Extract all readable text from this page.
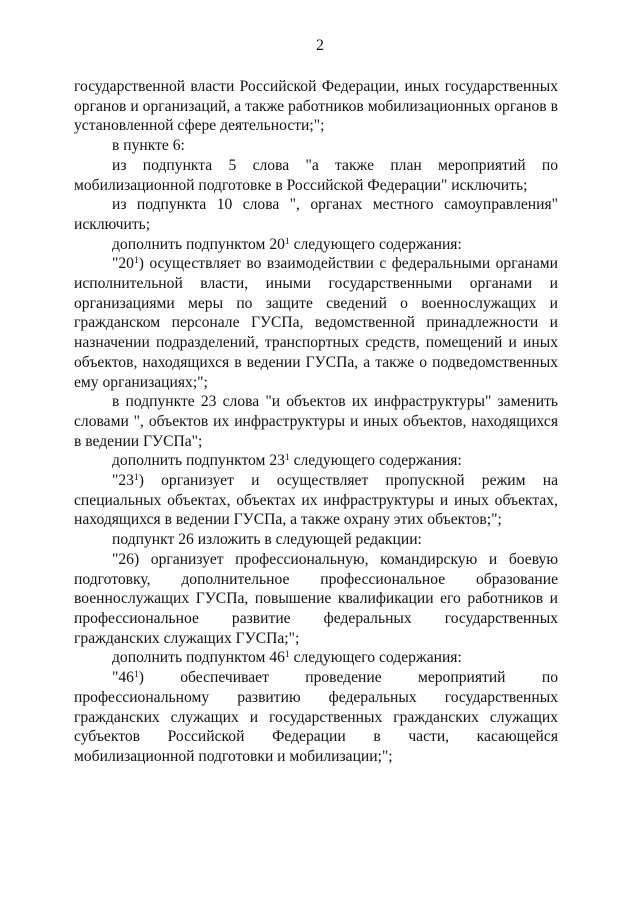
2

государственной власти Российской Федерации, иных государственных органов и организаций, а также работников мобилизационных органов в установленной сфере деятельности;";

в пункте 6:

из подпункта 5 слова "а также план мероприятий по мобилизационной подготовке в Российской Федерации" исключить;

из подпункта 10 слова ", органах местного самоуправления" исключить;

дополнить подпунктом $20^1$ следующего содержания:

"$20^1$) осуществляет во взаимодействии с федеральными органами исполнительной власти, иными государственными органами и организациями меры по защите сведений о военнослужащих и гражданском персонале ГУСПа, ведомственной принадлежности и назначении подразделений, транспортных средств, помещений и иных объектов, находящихся в ведении ГУСПа, а также о подведомственных ему организациях;";

в подпункте 23 слова "и объектов их инфраструктуры" заменить словами ", объектов их инфраструктуры и иных объектов, находящихся в ведении ГУСПа";

дополнить подпунктом $23^1$ следующего содержания:

"$23^1$) организует и осуществляет пропускной режим на специальных объектах, объектах их инфраструктуры и иных объектах, находящихся в ведении ГУСПа, а также охрану этих объектов;";

подпункт 26 изложить в следующей редакции:

"26) организует профессиональную, командирскую и боевую подготовку, дополнительное профессиональное образование военнослужащих ГУСПа, повышение квалификации его работников и профессиональное развитие федеральных государственных гражданских служащих ГУСПа;";

дополнить подпунктом $46^1$ следующего содержания:

"$46^1$) обеспечивает проведение мероприятий по профессиональному развитию федеральных государственных гражданских служащих и государственных гражданских служащих субъектов Российской Федерации в части, касающейся мобилизационной подготовки и мобилизации;";
